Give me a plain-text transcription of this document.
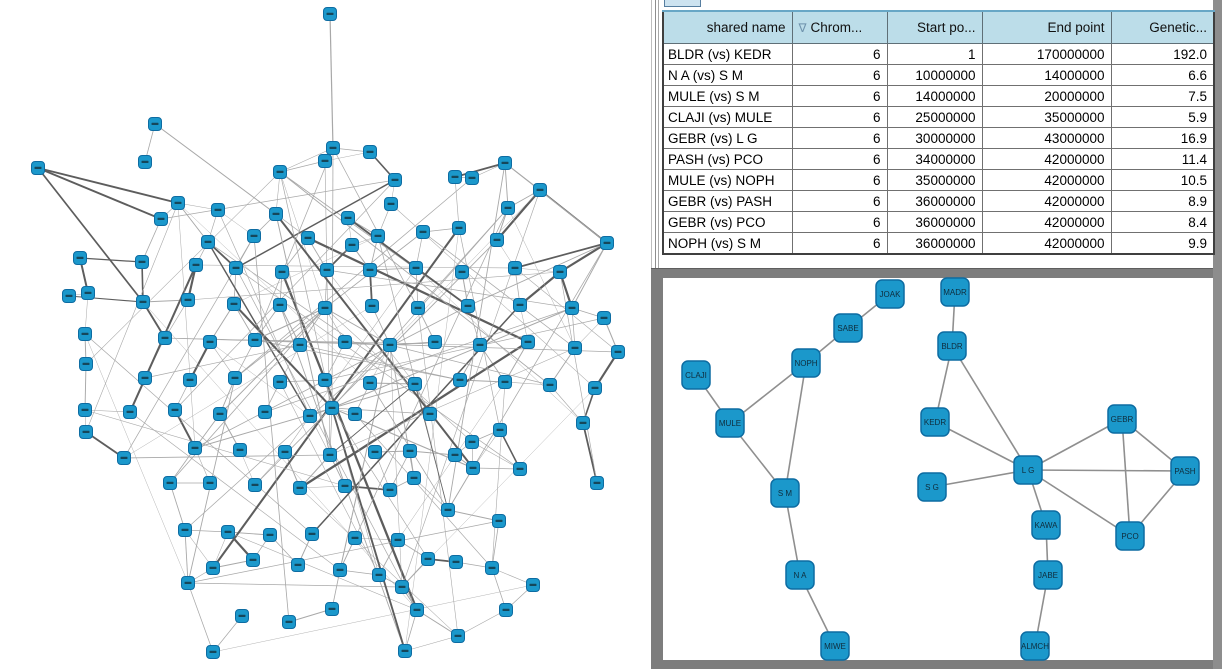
shared name	∇ Chrom...	Start po...	End point	Genetic...
BLDR (vs) KEDR	6	1	170000000	192.0
N A (vs) S M	6	10000000	14000000	6.6
MULE (vs) S M	6	14000000	20000000	7.5
CLAJI (vs) MULE	6	25000000	35000000	5.9
GEBR (vs) L G	6	30000000	43000000	16.9
PASH (vs) PCO	6	34000000	42000000	11.4
MULE (vs) NOPH	6	35000000	42000000	10.5
GEBR (vs) PASH	6	36000000	42000000	8.9
GEBR (vs) PCO	6	36000000	42000000	8.4
NOPH (vs) S M	6	36000000	42000000	9.9
JOAK
SABE
NOPH
CLAJI
MULE
S M
N A
MIWE
MADR
BLDR
KEDR
S G
L G
KAWA
JABE
ALMCH
GEBR
PASH
PCO
